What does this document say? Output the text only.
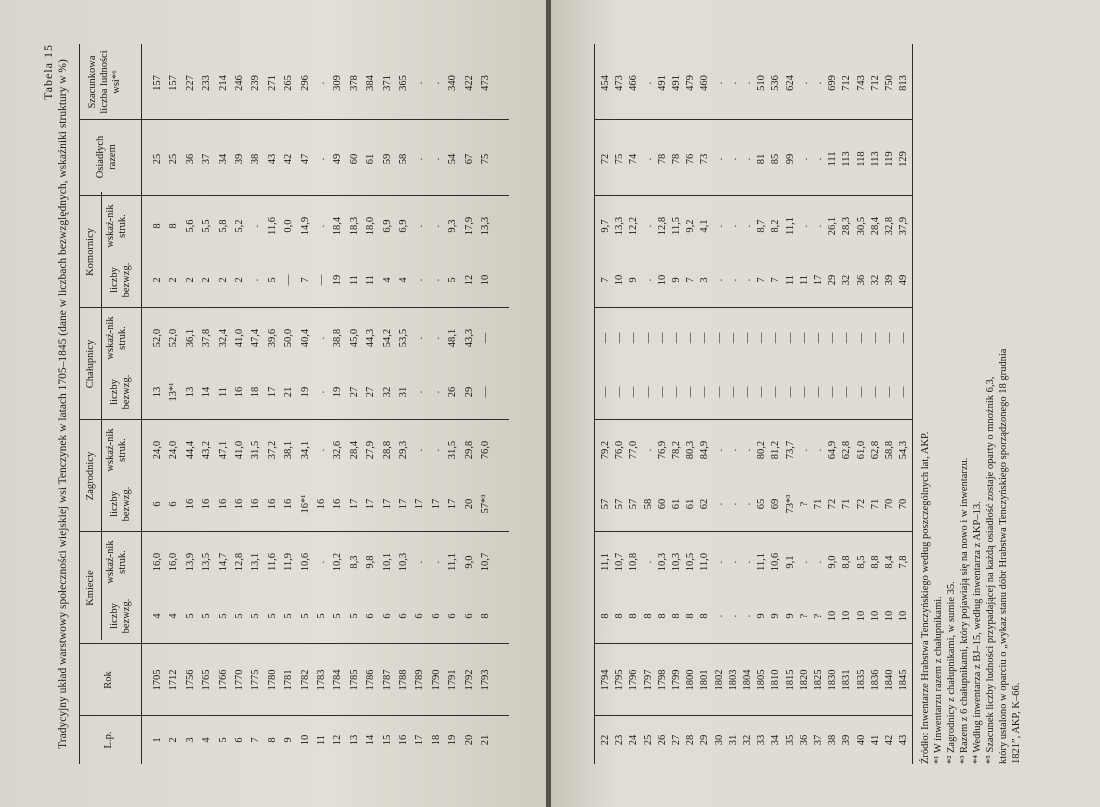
Tabela 15 Tradycyjny układ warstwowy społeczności wiejskiej wsi Tenczynek w latach 1705–1845 (dane w liczbach bezwzględnych, wskaźniki struktury w %)	L.p.
Rok
Kmiecie
Zagrodnicy
Chałupnicy
Komornicy
liczby bezwzg.
wskaź-nik struk.
liczby bezwzg.
wskaź-nik struk.
liczby bezwzg.
wskaź-nik struk.
liczby bezwzg.
wskaź-nik struk.
Osiadłych razem
Szacunkowa liczba ludności wsi*⁶
1
1705
4
16,0
6
24,0
13
52,0
2
8
25
157
2
1712
4
16,0
6
24,0
13*¹
52,0
2
8
25
157
3
1756
5
13,9
16
44,4
13
36,1
2
5,6
36
227
4
1765
5
13,5
16
43,2
14
37,8
2
5,5
37
233
5
1766
5
14,7
16
47,1
11
32,4
2
5,8
34
214
6
1770
5
12,8
16
41,0
16
41,0
2
5,2
39
246
7
1775
5
13,1
16
31,5
18
47,4
.
.
38
239
8
1780
5
11,6
16
37,2
17
39,6
5
11,6
43
271
9
1781
5
11,9
16
38,1
21
50,0
—
0,0
42
265
10
1782
5
10,6
16*¹
34,1
19
40,4
7
14,9
47
296
11
1783
5
.
16
.
.
.
—
.
.
.
12
1784
5
10,2
16
32,6
19
38,8
19
18,4
49
309
13
1785
5
8,3
17
28,4
27
45,0
11
18,3
60
378
14
1786
6
9,8
17
27,9
27
44,3
11
18,0
61
384
15
1787
6
10,1
17
28,8
32
54,2
4
6,9
59
371
16
1788
6
10,3
17
29,3
31
53,5
4
6,9
58
365
17
1789
6
.
17
.
.
.
.
.
.
.
18
1790
6
.
17
.
.
.
.
.
.
.
19
1791
6
11,1
17
31,5
26
48,1
5
9,3
54
340
20
1792
6
9,0
20
29,8
29
43,3
12
17,9
67
422
21
1793
8
10,7
57*³
76,0
—
—
10
13,3
75
473
22
1794
8
11,1
57
79,2
—
—
7
9,7
72
454
23
1795
8
10,7
57
76,0
—
—
10
13,3
75
473
24
1796
8
10,8
57
77,0
—
—
9
12,2
74
466
25
1797
8
.
58
.
—
—
.
.
.
.
26
1798
8
10,3
60
76,9
—
—
10
12,8
78
491
27
1799
8
10,3
61
78,2
—
—
9
11,5
78
491
28
1800
8
10,5
61
80,3
—
—
7
9,2
76
479
29
1801
8
11,0
62
84,9
—
—
3
4,1
73
460
30
1802
.
.
.
.
—
—
.
.
.
.
31
1803
.
.
.
.
—
—
.
.
.
.
32
1804
.
.
.
.
—
—
.
.
.
.
33
1805
9
11,1
65
80,2
—
—
7
8,7
81
510
34
1810
9
10,6
69
81,2
—
—
7
8,2
85
536
35
1815
9
9,1
73*³
73,7
—
—
11
11,1
99
624
36
1820
?
.
?
.
—
—
11
.
.
.
37
1825
?
.
71
.
—
—
17
.
.
.
38
1830
10
9,0
72
64,9
—
—
29
26,1
111
699
39
1831
10
8,8
71
62,8
—
—
32
28,3
113
712
40
1835
10
8,5
72
61,0
—
—
36
30,5
118
743
41
1836
10
8,8
71
62,8
—
—
32
28,4
113
712
42
1840
10
8,4
70
58,8
—
—
39
32,8
119
750
43
1845
10
7,8
70
54,3
—
—
49
37,9
129
813
Źródło: Inwentarze Hrabstwa Tenczyńskiego według poszczególnych lat, AKP. *¹ W inwentarzu razem z chałupnikami. *² Zagrodnicy z chałupnikami, w sumie 35. *³ Razem z 6 chałupnikami, który pojawiają się na nowo i w inwentarzu. *⁴ Według inwentarza z BJ–15, według inwentarza z AKP–13. *⁵ Szacunek liczby ludności przypadającej na każdą osiadłość zostaje oparty o mnożnik 6,3, który ustalono w oparciu o „wykaz stanu dóbr Hrabstwa Tenczyńskiego sporządzonego 18 grudnia 1821”, AKP, K–66.
